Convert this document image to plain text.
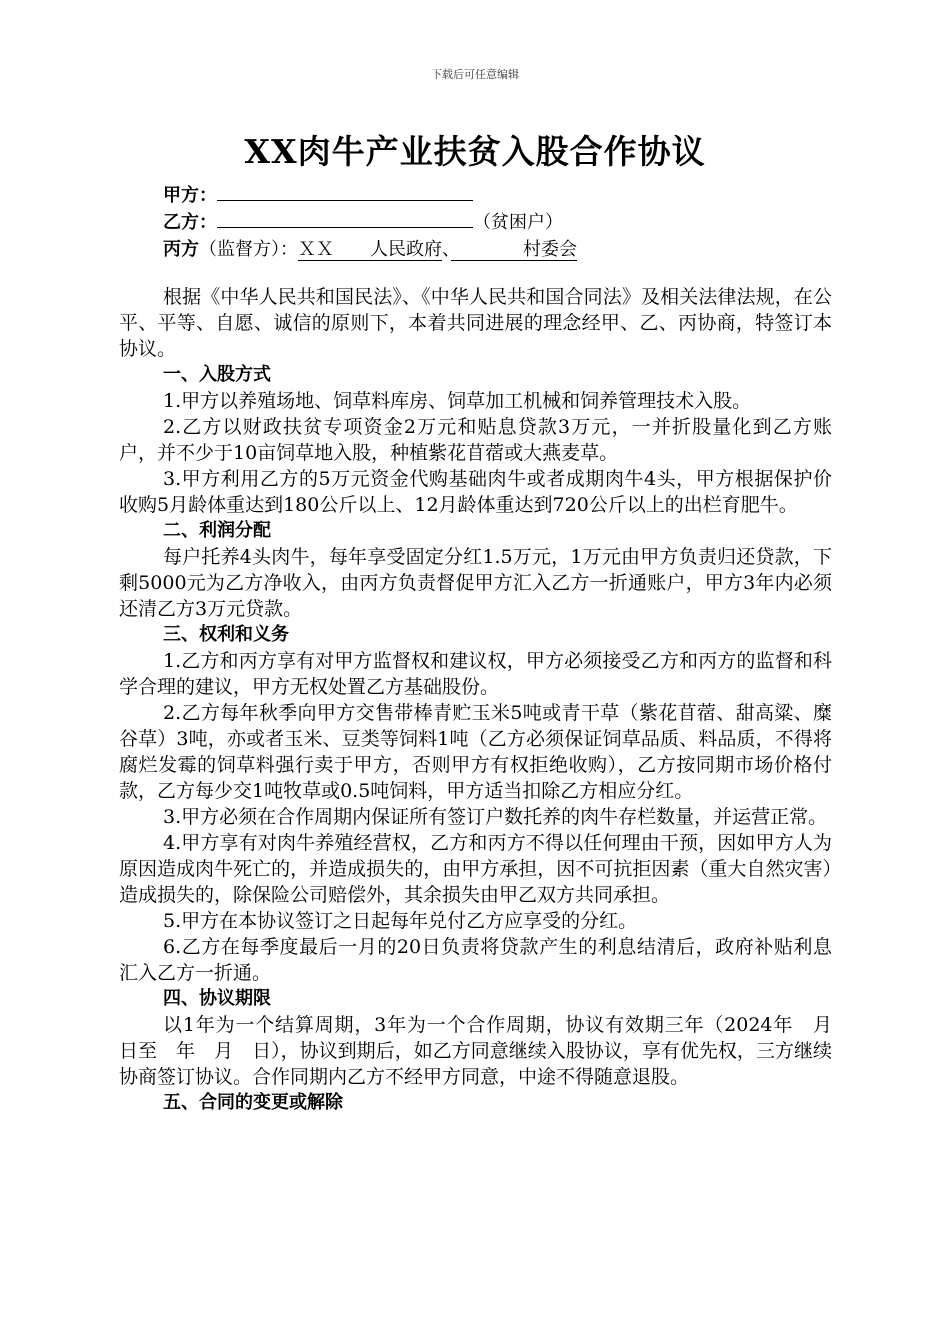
下载后可任意编辑
XX肉牛产业扶贫入股合作协议
甲方：
乙方：	（贫困户）
丙方（监督方）：ＸＸ　　人民政府、　　　　村委会

根据《中华人民共和国民法》、《中华人民共和国合同法》及相关法律法规，在公平、平等、自愿、诚信的原则下，本着共同进展的理念经甲、乙、丙协商，特签订本协议。

一、入股方式

1.甲方以养殖场地、饲草料库房、饲草加工机械和饲养管理技术入股。

2.乙方以财政扶贫专项资金2万元和贴息贷款3万元，一并折股量化到乙方账户，并不少于10亩饲草地入股，种植紫花苜蓿或大燕麦草。

3.甲方利用乙方的5万元资金代购基础肉牛或者成期肉牛4头，甲方根据保护价收购5月龄体重达到180公斤以上、12月龄体重达到720公斤以上的出栏育肥牛。

二、利润分配

每户托养4头肉牛，每年享受固定分红1.5万元，1万元由甲方负责归还贷款，下剩5000元为乙方净收入，由丙方负责督促甲方汇入乙方一折通账户，甲方3年内必须还清乙方3万元贷款。

三、权利和义务

1.乙方和丙方享有对甲方监督权和建议权，甲方必须接受乙方和丙方的监督和科学合理的建议，甲方无权处置乙方基础股份。

2.乙方每年秋季向甲方交售带棒青贮玉米5吨或青干草（紫花苜蓿、甜高粱、糜谷草）3吨，亦或者玉米、豆类等饲料1吨（乙方必须保证饲草品质、料品质，不得将腐烂发霉的饲草料强行卖于甲方，否则甲方有权拒绝收购），乙方按同期市场价格付款，乙方每少交1吨牧草或0.5吨饲料，甲方适当扣除乙方相应分红。

3.甲方必须在合作周期内保证所有签订户数托养的肉牛存栏数量，并运营正常。

4.甲方享有对肉牛养殖经营权，乙方和丙方不得以任何理由干预，因如甲方人为原因造成肉牛死亡的，并造成损失的，由甲方承担，因不可抗拒因素（重大自然灾害）造成损失的，除保险公司赔偿外，其余损失由甲乙双方共同承担。

5.甲方在本协议签订之日起每年兑付乙方应享受的分红。

6.乙方在每季度最后一月的20日负责将贷款产生的利息结清后，政府补贴利息汇入乙方一折通。

四、协议期限

以1年为一个结算周期，3年为一个合作周期，协议有效期三年（2024年　月　日至　年　月　日），协议到期后，如乙方同意继续入股协议，享有优先权，三方继续协商签订协议。合作同期内乙方不经甲方同意，中途不得随意退股。

五、合同的变更或解除
